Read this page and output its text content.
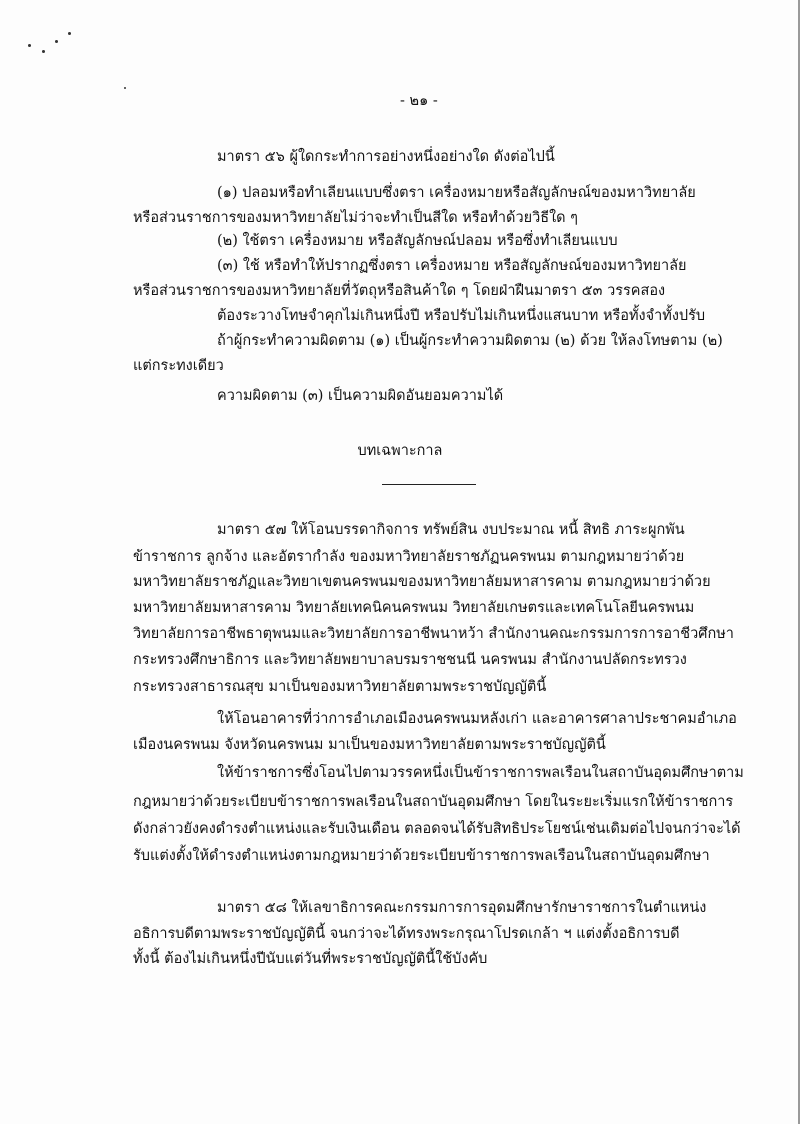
- ๒๑ -
มาตรา ๕๖ ผู้ใดกระทำการอย่างหนึ่งอย่างใด ดังต่อไปนี้
(๑) ปลอมหรือทำเลียนแบบซึ่งตรา เครื่องหมายหรือสัญลักษณ์ของมหาวิทยาลัย
หรือส่วนราชการของมหาวิทยาลัยไม่ว่าจะทำเป็นสีใด หรือทำด้วยวิธีใด ๆ
(๒) ใช้ตรา เครื่องหมาย หรือสัญลักษณ์ปลอม หรือซึ่งทำเลียนแบบ
(๓) ใช้ หรือทำให้ปรากฏซึ่งตรา เครื่องหมาย หรือสัญลักษณ์ของมหาวิทยาลัย
หรือส่วนราชการของมหาวิทยาลัยที่วัตถุหรือสินค้าใด ๆ โดยฝ่าฝืนมาตรา ๕๓ วรรคสอง
ต้องระวางโทษจำคุกไม่เกินหนึ่งปี หรือปรับไม่เกินหนึ่งแสนบาท หรือทั้งจำทั้งปรับ
ถ้าผู้กระทำความผิดตาม (๑) เป็นผู้กระทำความผิดตาม (๒) ด้วย ให้ลงโทษตาม (๒)
แต่กระทงเดียว
ความผิดตาม (๓) เป็นความผิดอันยอมความได้
บทเฉพาะกาล
มาตรา ๕๗ ให้โอนบรรดากิจการ ทรัพย์สิน งบประมาณ หนี้ สิทธิ ภาระผูกพัน
ข้าราชการ ลูกจ้าง และอัตรากำลัง ของมหาวิทยาลัยราชภัฏนครพนม ตามกฎหมายว่าด้วย
มหาวิทยาลัยราชภัฏและวิทยาเขตนครพนมของมหาวิทยาลัยมหาสารคาม ตามกฎหมายว่าด้วย
มหาวิทยาลัยมหาสารคาม วิทยาลัยเทคนิคนครพนม วิทยาลัยเกษตรและเทคโนโลยีนครพนม
วิทยาลัยการอาชีพธาตุพนมและวิทยาลัยการอาชีพนาหว้า สำนักงานคณะกรรมการการอาชีวศึกษา
กระทรวงศึกษาธิการ และวิทยาลัยพยาบาลบรมราชชนนี นครพนม สำนักงานปลัดกระทรวง
กระทรวงสาธารณสุข มาเป็นของมหาวิทยาลัยตามพระราชบัญญัตินี้
ให้โอนอาคารที่ว่าการอำเภอเมืองนครพนมหลังเก่า และอาคารศาลาประชาคมอำเภอ
เมืองนครพนม จังหวัดนครพนม มาเป็นของมหาวิทยาลัยตามพระราชบัญญัตินี้
ให้ข้าราชการซึ่งโอนไปตามวรรคหนึ่งเป็นข้าราชการพลเรือนในสถาบันอุดมศึกษาตาม
กฎหมายว่าด้วยระเบียบข้าราชการพลเรือนในสถาบันอุดมศึกษา โดยในระยะเริ่มแรกให้ข้าราชการ
ดังกล่าวยังคงดำรงตำแหน่งและรับเงินเดือน ตลอดจนได้รับสิทธิประโยชน์เช่นเดิมต่อไปจนกว่าจะได้
รับแต่งตั้งให้ดำรงตำแหน่งตามกฎหมายว่าด้วยระเบียบข้าราชการพลเรือนในสถาบันอุดมศึกษา
มาตรา ๕๘ ให้เลขาธิการคณะกรรมการการอุดมศึกษารักษาราชการในตำแหน่ง
อธิการบดีตามพระราชบัญญัตินี้ จนกว่าจะได้ทรงพระกรุณาโปรดเกล้า ฯ แต่งตั้งอธิการบดี
ทั้งนี้ ต้องไม่เกินหนึ่งปีนับแต่วันที่พระราชบัญญัตินี้ใช้บังคับ
